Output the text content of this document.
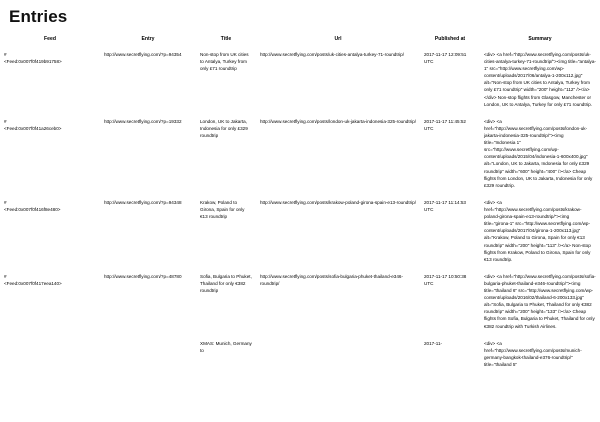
Entries
Feed	Entry	Title	Url	Published at	Summary

#
<Feed:0x007f0f419b91758>	http://www.secretflying.com/?p=94354	Non-stop from UK cities to Antalya, Turkey from only £71 roundtrip	http://www.secretflying.com/posts/uk-cities-antalya-turkey-71-roundtrip/	2017-11-17 12:09:51 UTC	<div> <a href="http://www.secretflying.com/posts/uk-cities-antalya-turkey-71-roundtrip/"><img title="antalya-1" src="http://www.secretflying.com/wp-content/uploads/2017/06/antalya-1-200x112.jpg" alt="Non-stop from UK cities to Antalya, Turkey from only £71 roundtrip" width="200" height="112" /></a> </div> Non-stop flights from Glasgow, Manchester or London, UK to Antalya, Turkey for only £71 roundtrip.

#
<Feed:0x007f0f41a26ceb0>	http://www.secretflying.com/?p=19332	London, UK to Jakarta, Indonesia for only £329 roundtrip	http://www.secretflying.com/posts/london-uk-jakarta-indonesia-325-roundtrip/	2017-11-17 11:45:52 UTC	<div> <a href="http://www.secretflying.com/posts/london-uk-jakarta-indonesia-325-roundtrip/"><img title="Indonesia 1" src="http://www.secretflying.com/wp-content/uploads/2015/04/indonesia-1-600x400.jpg" alt="London, UK to Jakarta, Indonesia for only £329 roundtrip" width="600" height="400" /></a> Cheap flights from London, UK to Jakarta, Indonesia for only £329 roundtrip.

#
<Feed:0x007f0f416f8e480>	http://www.secretflying.com/?p=94348	Krakow, Poland to Girona, Spain for only €13 roundtrip	http://www.secretflying.com/posts/krakow-poland-girona-spain-e13-roundtrip/	2017-11-17 11:14:53 UTC	<div> <a href="http://www.secretflying.com/posts/krakow-poland-girona-spain-e13-roundtrip/"><img title="girona-1" src="http://www.secretflying.com/wp-content/uploads/2017/04/girona-1-200x113.jpg" alt="Krakow, Poland to Girona, Spain for only €13 roundtrip" width="200" height="113" /></a> Non-stop flights from Krakow, Poland to Girona, Spain for only €13 roundtrip.

#
<Feed:0x007f0f417eea140>	http://www.secretflying.com/?p=48780	Sofia, Bulgaria to Phuket, Thailand for only €382 roundtrip	http://www.secretflying.com/posts/sofia-bulgaria-phuket-thailand-e346-roundtrip/	2017-11-17 10:50:38 UTC	<div> <a href="http://www.secretflying.com/posts/sofia-bulgaria-phuket-thailand-e346-roundtrip/"><img title="thailand 6" src="http://www.secretflying.com/wp-content/uploads/2016/02/thailand-6-200x133.jpg" alt="Sofia, Bulgaria to Phuket, Thailand for only €382 roundtrip" width="200" height="133" /></a> Cheap flights from Sofia, Bulgaria to Phuket, Thailand for only €382 roundtrip with Turkish Airlines.

		XMAS: Munich, Germany to		2017-11-	<div> <a href="http://www.secretflying.com/posts/munich-germany-bangkok-thailand-e376-roundtrip/" title="thailand 5"
